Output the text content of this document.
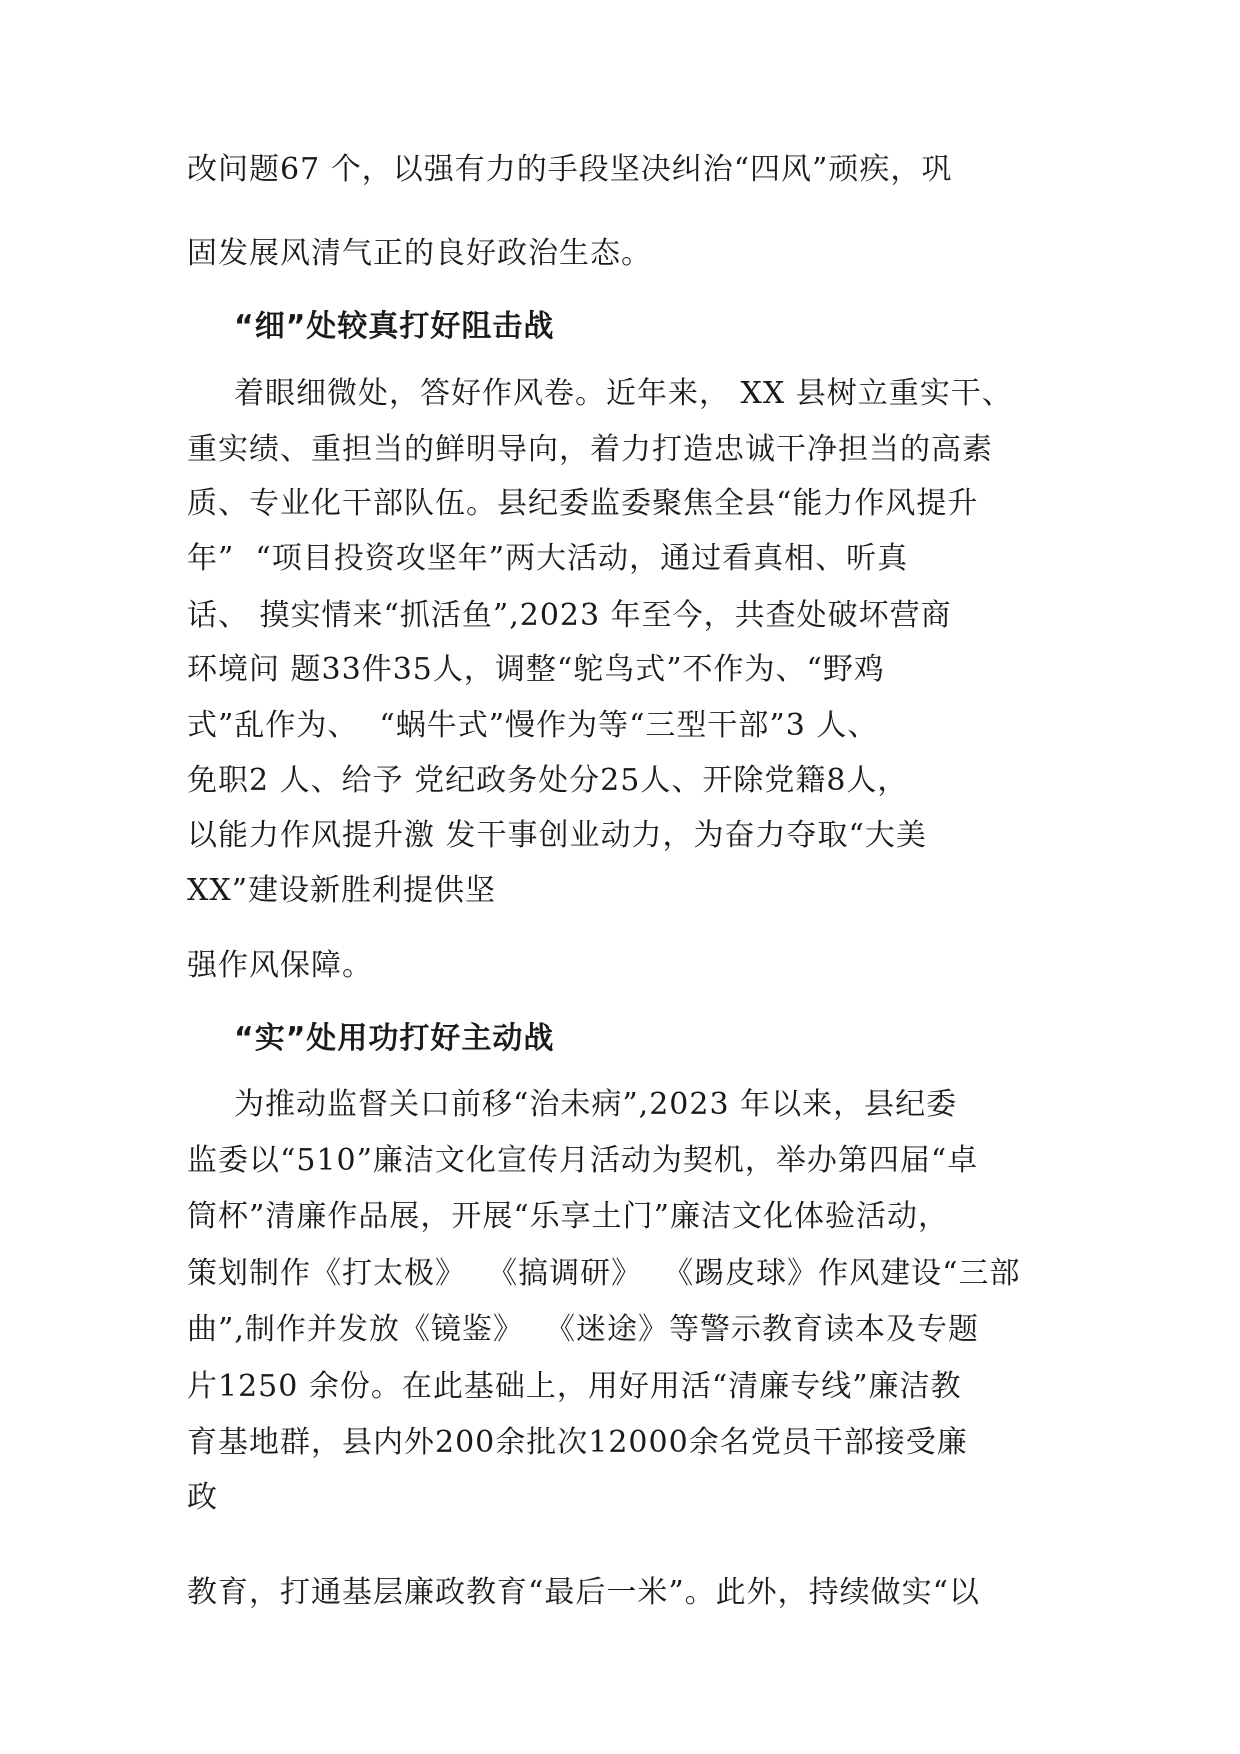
改问题67 个，以强有力的手段坚决纠治“四风”顽疾，巩
固发展风清气正的良好政治生态。
“细”处较真打好阻击战
着眼细微处，答好作风卷。近年来， XX 县树立重实干、
重实绩、重担当的鲜明导向，着力打造忠诚干净担当的高素
质、专业化干部队伍。县纪委监委聚焦全县“能力作风提升
年”  “项目投资攻坚年”两大活动，通过看真相、听真
话、 摸实情来“抓活鱼”,2023 年至今，共查处破坏营商
环境问 题33件35人，调整“鸵鸟式”不作为、“野鸡
式”乱作为、  “蜗牛式”慢作为等“三型干部”3 人、
免职2 人、给予 党纪政务处分25人、开除党籍8人，
以能力作风提升激 发干事创业动力，为奋力夺取“大美
XX”建设新胜利提供坚
强作风保障。
“实”处用功打好主动战
为推动监督关口前移“治未病”,2023 年以来，县纪委
监委以“510”廉洁文化宣传月活动为契机，举办第四届“卓
筒杯”清廉作品展，开展“乐享土门”廉洁文化体验活动，
策划制作《打太极》  《搞调研》  《踢皮球》作风建设“三部
曲”,制作并发放《镜鉴》  《迷途》等警示教育读本及专题
片1250 余份。在此基础上，用好用活“清廉专线”廉洁教
育基地群，县内外200余批次12000余名党员干部接受廉
政
教育，打通基层廉政教育“最后一米”。此外，持续做实“以
